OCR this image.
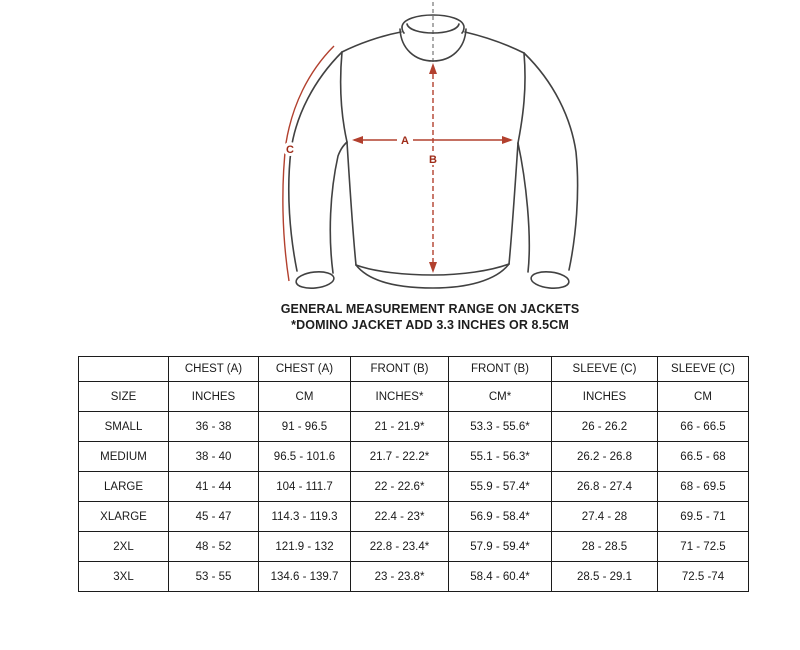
A
B
C
GENERAL MEASUREMENT RANGE ON JACKETS
*DOMINO JACKET ADD 3.3 INCHES OR 8.5CM
	CHEST (A)	CHEST (A)	FRONT (B)	FRONT (B)	SLEEVE (C)	SLEEVE (C)
SIZE	INCHES	CM	INCHES*	CM*	INCHES	CM
SMALL	36 - 38	91 - 96.5	21 - 21.9*	53.3 - 55.6*	26 - 26.2	66 - 66.5
MEDIUM	38 - 40	96.5 - 101.6	21.7 - 22.2*	55.1 - 56.3*	26.2 - 26.8	66.5 - 68
LARGE	41 - 44	104 - 111.7	22 - 22.6*	55.9 - 57.4*	26.8 - 27.4	68 - 69.5
XLARGE	45 - 47	114.3 - 119.3	22.4 - 23*	56.9 - 58.4*	27.4 - 28	69.5 - 71
2XL	48 - 52	121.9 - 132	22.8 - 23.4*	57.9 - 59.4*	28 - 28.5	71 - 72.5
3XL	53 - 55	134.6 - 139.7	23 - 23.8*	58.4 - 60.4*	28.5 - 29.1	72.5 -74
